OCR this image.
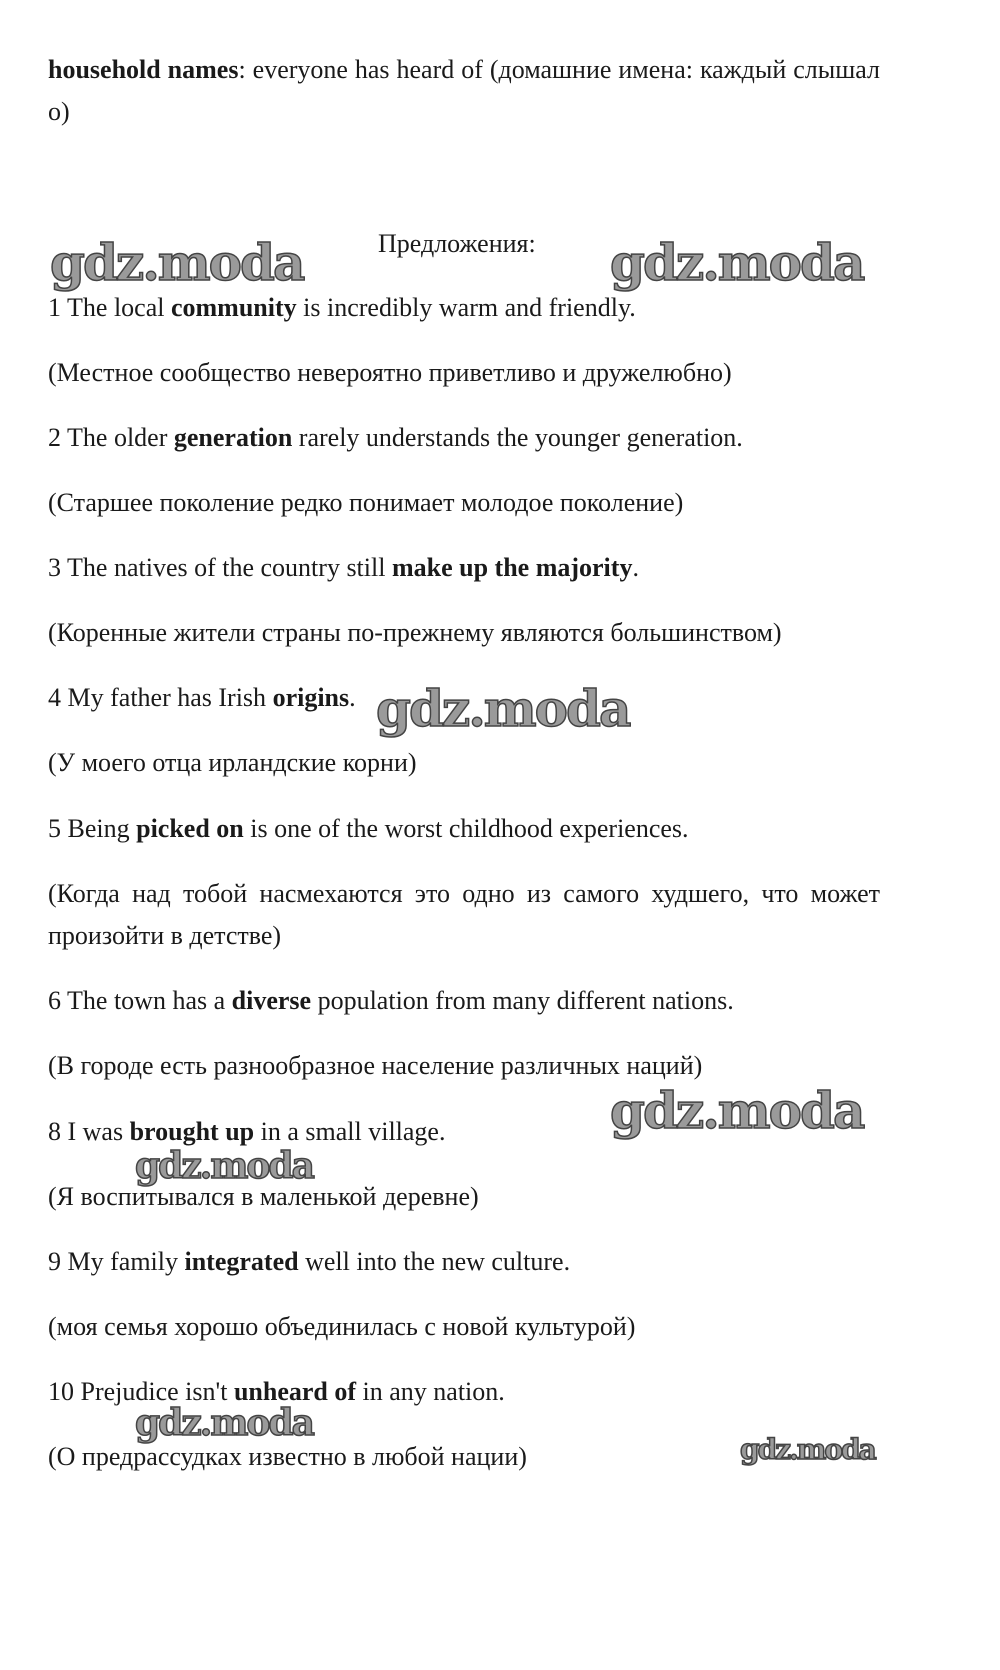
household names: everyone has heard of (домашние имена: каждый слышал о)
Предложения:
1 The local community is incredibly warm and friendly.
(Местное сообщество невероятно приветливо и дружелюбно)
2 The older generation rarely understands the younger generation.
(Старшее поколение редко понимает молодое поколение)
3 The natives of the country still make up the majority.
(Коренные жители страны по-прежнему являются большинством)
4 My father has Irish origins.
(У моего отца ирландские корни)
5 Being picked on is one of the worst childhood experiences.
(Когда над тобой насмехаются это одно из самого худшего, что может произойти в детстве)
6 The town has a diverse population from many different nations.
(В городе есть разнообразное население различных наций)
8 I was brought up in a small village.
(Я воспитывался в маленькой деревне)
9 My family integrated well into the new culture.
(моя семья хорошо объединилась с новой культурой)
10 Prejudice isn't unheard of in any nation.
(О предрассудках известно в любой нации)
gdz.moda	gdz.moda
gdz.moda
gdz.moda
gdz.moda
gdz.moda
gdz.moda
